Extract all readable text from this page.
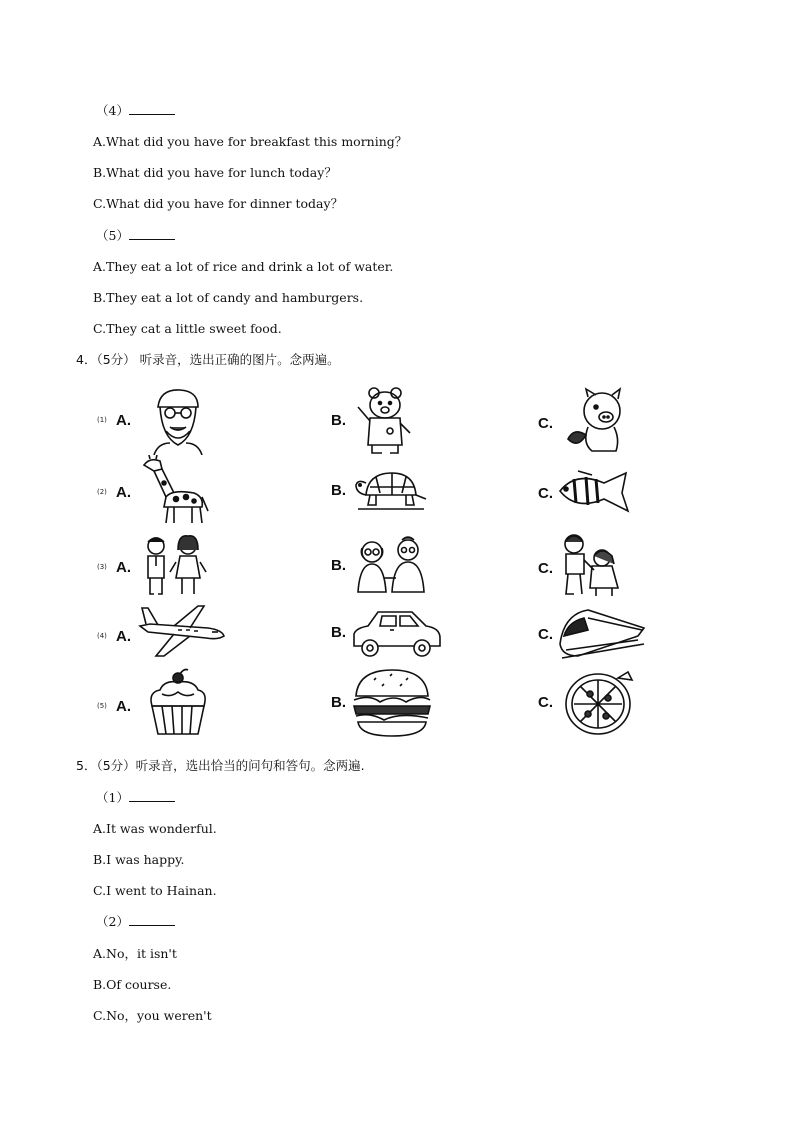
（4）
A.What did you have for breakfast this morning？
B.What did you have for lunch today？
C.What did you have for dinner today？
（5）
A.They eat a lot of rice and drink a lot of water.
B.They eat a lot of candy and hamburgers.
C.They cat a little sweet food.
4．（5分） 听录音，选出正确的图片。念两遍。
(1) A.	B.	C.
(2) A.	B.	C.
(3) A.	B.	C.
(4) A.	B.	C.
(5) A.	B.	C.
5．（5分）听录音，选出恰当的问句和答句。念两遍.
（1）
A.It was wonderful.
B.I was happy.
C.I went to Hainan.
（2）
A.No，it isn't
B.Of course.
C.No，you weren't
